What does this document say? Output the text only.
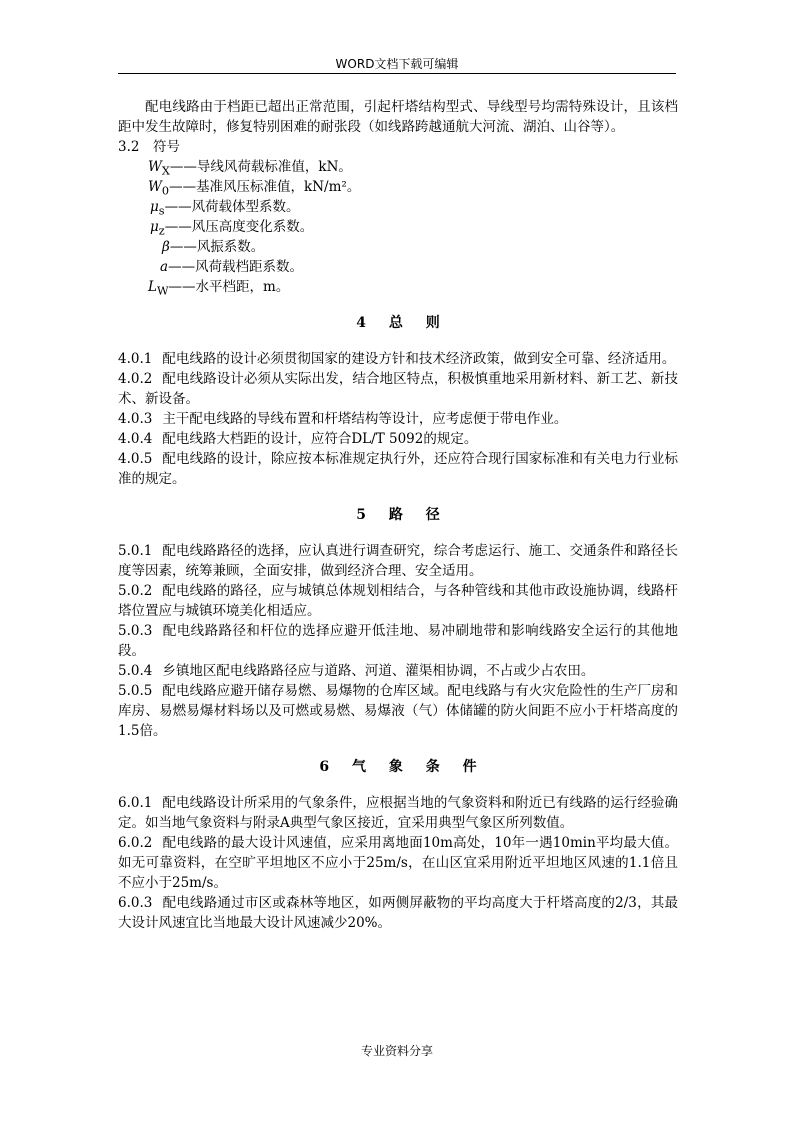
WORD文档下载可编辑

配电线路由于档距已超出正常范围，引起杆塔结构型式、导线型号均需特殊设计，且该档距中发生故障时，修复特别困难的耐张段（如线路跨越通航大河流、湖泊、山谷等）。

3.2　符号

$W_X——$导线风荷载标准值，kN。
$W_0——$基准风压标准值，kN/m²。
$\mu_s——$风荷载体型系数。
$\mu_z——$风压高度变化系数。
β——风振系数。
a——风荷载档距系数。
$L_W——$水平档距，m。
4 总 则

4.0.1 配电线路的设计必须贯彻国家的建设方针和技术经济政策，做到安全可靠、经济适用。

4.0.2 配电线路设计必须从实际出发，结合地区特点，积极慎重地采用新材料、新工艺、新技术、新设备。

4.0.3 主干配电线路的导线布置和杆塔结构等设计，应考虑便于带电作业。

4.0.4 配电线路大档距的设计，应符合DL/T 5092的规定。

4.0.5 配电线路的设计，除应按本标准规定执行外，还应符合现行国家标准和有关电力行业标准的规定。

5 路 径

5.0.1 配电线路路径的选择，应认真进行调查研究，综合考虑运行、施工、交通条件和路径长度等因素，统筹兼顾，全面安排，做到经济合理、安全适用。

5.0.2 配电线路的路径，应与城镇总体规划相结合，与各种管线和其他市政设施协调，线路杆塔位置应与城镇环境美化相适应。

5.0.3 配电线路路径和杆位的选择应避开低洼地、易冲刷地带和影响线路安全运行的其他地段。

5.0.4 乡镇地区配电线路路径应与道路、河道、灌渠相协调，不占或少占农田。

5.0.5 配电线路应避开储存易燃、易爆物的仓库区域。配电线路与有火灾危险性的生产厂房和库房、易燃易爆材料场以及可燃或易燃、易爆液（气）体储罐的防火间距不应小于杆塔高度的1.5倍。

6 气 象 条 件

6.0.1 配电线路设计所采用的气象条件，应根据当地的气象资料和附近已有线路的运行经验确定。如当地气象资料与附录A典型气象区接近，宜采用典型气象区所列数值。

6.0.2 配电线路的最大设计风速值，应采用离地面10m高处，10年一遇10min平均最大值。如无可靠资料，在空旷平坦地区不应小于25m/s，在山区宜采用附近平坦地区风速的1.1倍且不应小于25m/s。

6.0.3 配电线路通过市区或森林等地区，如两侧屏蔽物的平均高度大于杆塔高度的2/3，其最大设计风速宜比当地最大设计风速减少20%。

专业资料分享
